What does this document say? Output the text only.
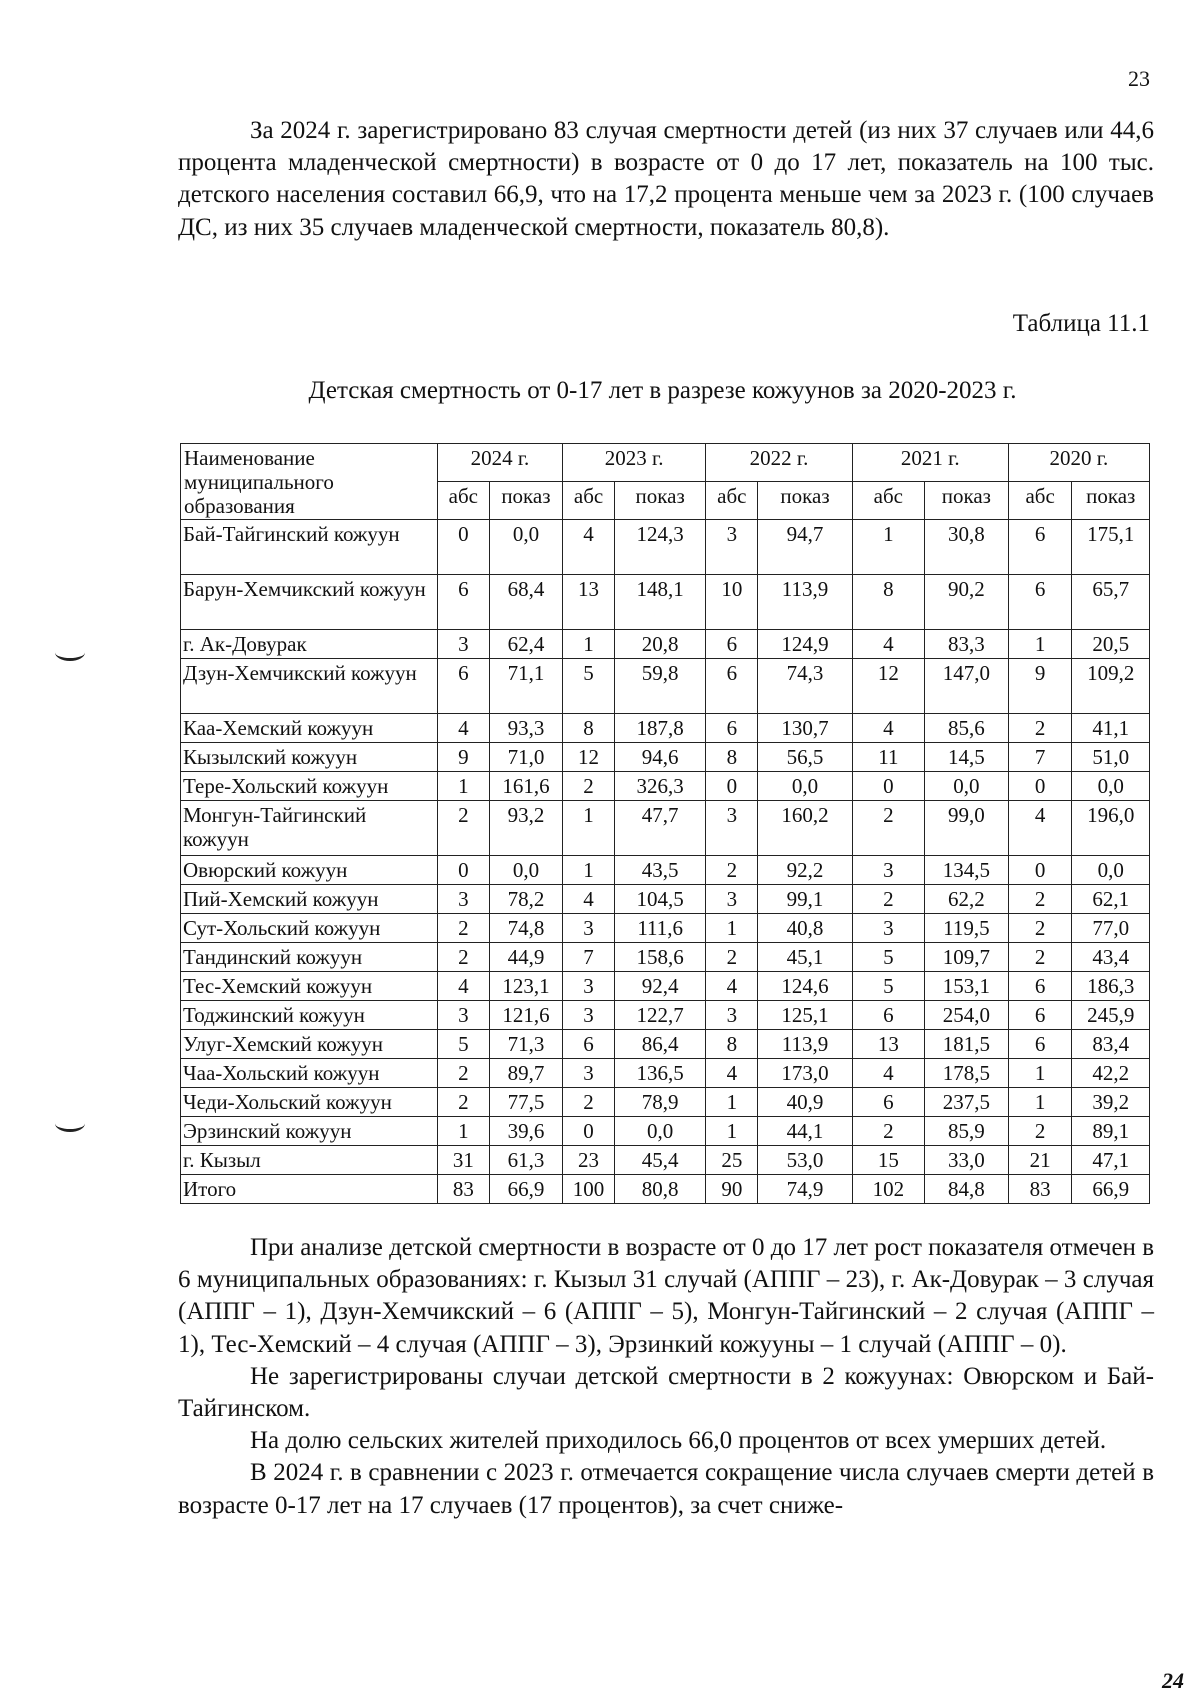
23

За 2024 г. зарегистрировано 83 случая смертности детей (из них 37 случаев или 44,6 процента младенческой смертности) в возрасте от 0 до 17 лет, показатель на 100 тыс. детского населения составил 66,9, что на 17,2 процента меньше чем за 2023 г. (100 случаев ДС, из них 35 случаев младенческой смертности, показатель 80,8).

Таблица 11.1
Детская смертность от 0-17 лет в разрезе кожуунов за 2020-2023 г.
Наименование муниципального образования	2024 г.		2023 г.		2022 г.		2021 г.		2020 г.	
	абс	показ	абс	показ	абс	показ	абс	показ	абс	показ
Бай-Тайгинский кожуун	0	0,0	4	124,3	3	94,7	1	30,8	6	175,1
Барун-Хемчикский кожуун	6	68,4	13	148,1	10	113,9	8	90,2	6	65,7
г. Ак-Довурак	3	62,4	1	20,8	6	124,9	4	83,3	1	20,5
Дзун-Хемчикский кожуун	6	71,1	5	59,8	6	74,3	12	147,0	9	109,2
Каа-Хемский кожуун	4	93,3	8	187,8	6	130,7	4	85,6	2	41,1
Кызылский кожуун	9	71,0	12	94,6	8	56,5	11	14,5	7	51,0
Тере-Хольский кожуун	1	161,6	2	326,3	0	0,0	0	0,0	0	0,0
Монгун-Тайгинский кожуун	2	93,2	1	47,7	3	160,2	2	99,0	4	196,0
Овюрский кожуун	0	0,0	1	43,5	2	92,2	3	134,5	0	0,0
Пий-Хемский кожуун	3	78,2	4	104,5	3	99,1	2	62,2	2	62,1
Сут-Хольский кожуун	2	74,8	3	111,6	1	40,8	3	119,5	2	77,0
Тандинский кожуун	2	44,9	7	158,6	2	45,1	5	109,7	2	43,4
Тес-Хемский кожуун	4	123,1	3	92,4	4	124,6	5	153,1	6	186,3
Тоджинский кожуун	3	121,6	3	122,7	3	125,1	6	254,0	6	245,9
Улуг-Хемский кожуун	5	71,3	6	86,4	8	113,9	13	181,5	6	83,4
Чаа-Хольский кожуун	2	89,7	3	136,5	4	173,0	4	178,5	1	42,2
Чеди-Хольский кожуун	2	77,5	2	78,9	1	40,9	6	237,5	1	39,2
Эрзинский кожуун	1	39,6	0	0,0	1	44,1	2	85,9	2	89,1
г. Кызыл	31	61,3	23	45,4	25	53,0	15	33,0	21	47,1
Итого	83	66,9	100	80,8	90	74,9	102	84,8	83	66,9

При анализе детской смертности в возрасте от 0 до 17 лет рост показателя отмечен в 6 муниципальных образованиях: г. Кызыл 31 случай (АППГ – 23), г. Ак-Довурак – 3 случая (АППГ – 1), Дзун-Хемчикский – 6 (АППГ – 5), Монгун-Тайгинский – 2 случая (АППГ – 1), Тес-Хемский – 4 случая (АППГ – 3), Эрзинкий кожууны – 1 случай (АППГ – 0).

Не зарегистрированы случаи детской смертности в 2 кожуунах: Овюрском и Бай-Тайгинском.

На долю сельских жителей приходилось 66,0 процентов от всех умерших детей.

В 2024 г. в сравнении с 2023 г. отмечается сокращение числа случаев смерти детей в возрасте 0-17 лет на 17 случаев (17 процентов), за счет сниже-

24
